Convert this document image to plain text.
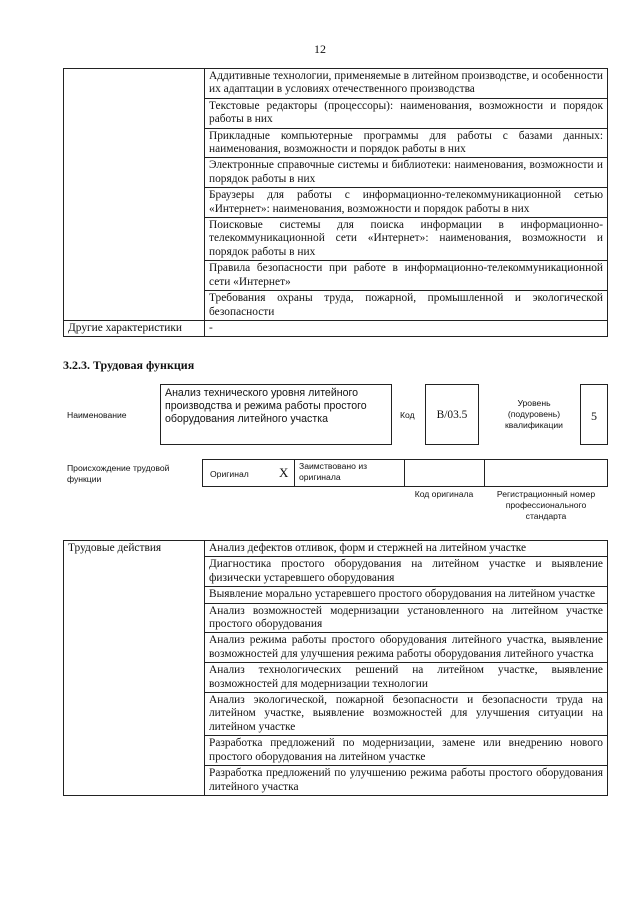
12
	Аддитивные технологии, применяемые в литейном производстве, и особенности их адаптации в условиях отечественного производства
	Текстовые редакторы (процессоры): наименования, возможности и порядок работы в них
	Прикладные компьютерные программы для работы с базами данных: наименования, возможности и порядок работы в них
	Электронные справочные системы и библиотеки: наименования, возможности и порядок работы в них
	Браузеры для работы с информационно-телекоммуникационной сетью «Интернет»: наименования, возможности и порядок работы в них
	Поисковые системы для поиска информации в информационно-телекоммуникационной сети «Интернет»: наименования, возможности и порядок работы в них
	Правила безопасности при работе в информационно-телекоммуникационной сети «Интернет»
	Требования охраны труда, пожарной, промышленной и экологической безопасности
Другие характеристики	-
3.2.3. Трудовая функция
Наименование
Анализ технического уровня литейного производства и режима работы простого оборудования литейного участка	Код	B/03.5
Уровень (подуровень) квалификации
5
Происхождение трудовой функции	Оригинал X Заимствовано из оригинала
Код оригинала	Регистрационный номер профессионального стандарта
Трудовые действия	Анализ дефектов отливок, форм и стержней на литейном участке
Диагностика простого оборудования на литейном участке и выявление физически устаревшего оборудования
Выявление морально устаревшего простого оборудования на литейном участке
Анализ возможностей модернизации установленного на литейном участке простого оборудования
Анализ режима работы простого оборудования литейного участка, выявление возможностей для улучшения режима работы оборудования литейного участка
Анализ технологических решений на литейном участке, выявление возможностей для модернизации технологии
Анализ экологической, пожарной безопасности и безопасности труда на литейном участке, выявление возможностей для улучшения ситуации на литейном участке
Разработка предложений по модернизации, замене или внедрению нового простого оборудования на литейном участке
Разработка предложений по улучшению режима работы простого оборудования литейного участка
